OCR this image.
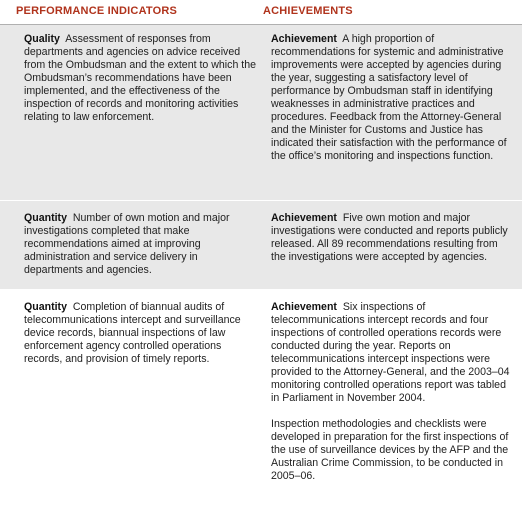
PERFORMANCE INDICATORS	ACHIEVEMENTS
Quality Assessment of responses from departments and agencies on advice received from the Ombudsman and the extent to which the Ombudsman’s recommendations have been implemented, and the effectiveness of the inspection of records and monitoring activities relating to law enforcement.
Achievement A high proportion of recommendations for systemic and administrative improvements were accepted by agencies during the year, suggesting a satisfactory level of performance by Ombudsman staff in identifying weaknesses in administrative practices and procedures. Feedback from the Attorney-General and the Minister for Customs and Justice has indicated their satisfaction with the performance of the office’s monitoring and inspections function.
Quantity Number of own motion and major investigations completed that make recommendations aimed at improving administration and service delivery in departments and agencies.
Achievement Five own motion and major investigations were conducted and reports publicly released. All 89 recommendations resulting from the investigations were accepted by agencies.
Quantity Completion of biannual audits of telecommunications intercept and surveillance device records, biannual inspections of law enforcement agency controlled operations records, and provision of timely reports.
Achievement Six inspections of telecommunications intercept records and four inspections of controlled operations records were conducted during the year. Reports on telecommunications intercept inspections were provided to the Attorney-General, and the 2003–04 monitoring controlled operations report was tabled in Parliament in November 2004.
Inspection methodologies and checklists were developed in preparation for the first inspections of the use of surveillance devices by the AFP and the Australian Crime Commission, to be conducted in 2005–06.
